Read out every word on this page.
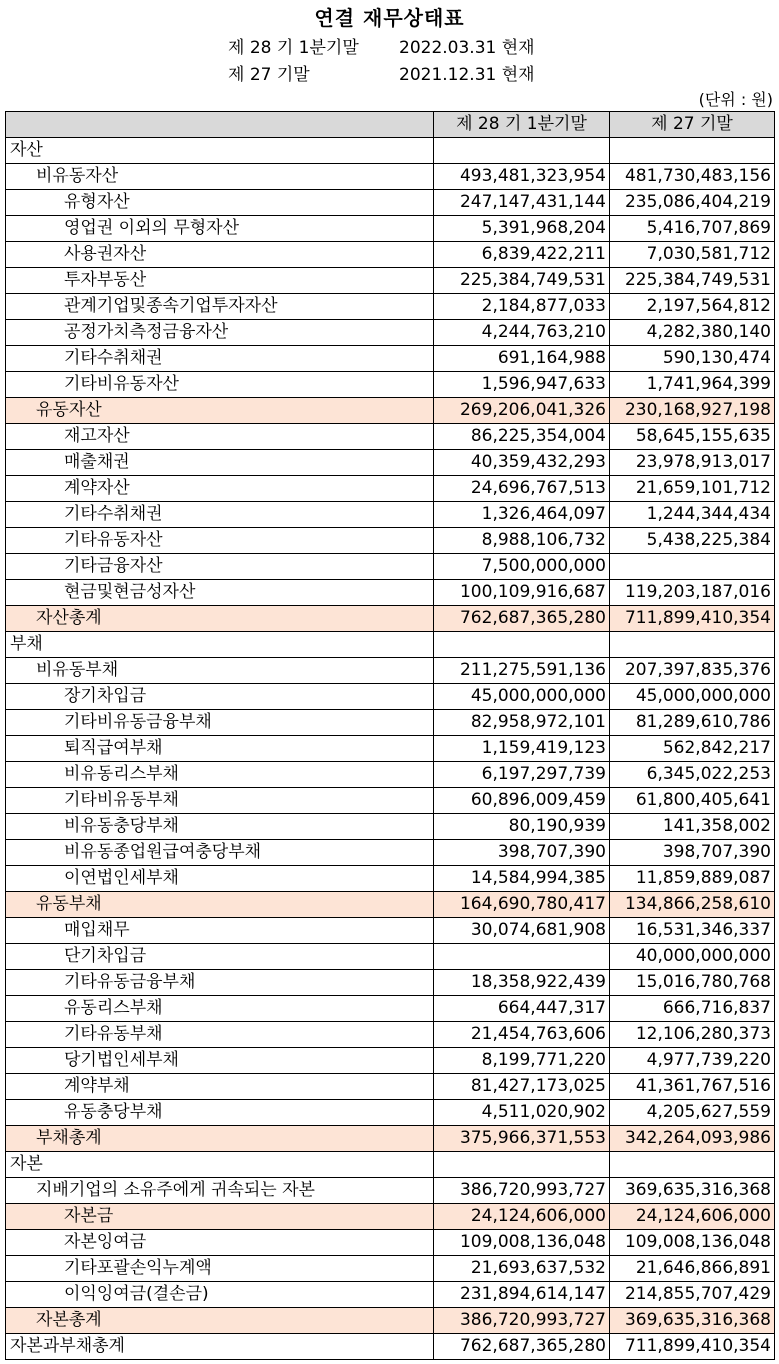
연결 재무상태표
제 28 기 1분기말 2022.03.31 현재
제 27 기말	2021.12.31 현재
(단위 : 원)
	제 28 기 1분기말	제 27 기말
자산		
비유동자산	493,481,323,954	481,730,483,156
유형자산	247,147,431,144	235,086,404,219
영업권 이외의 무형자산	5,391,968,204	5,416,707,869
사용권자산	6,839,422,211	7,030,581,712
투자부동산	225,384,749,531	225,384,749,531
관계기업및종속기업투자자산	2,184,877,033	2,197,564,812
공정가치측정금융자산	4,244,763,210	4,282,380,140
기타수취채권	691,164,988	590,130,474
기타비유동자산	1,596,947,633	1,741,964,399
유동자산	269,206,041,326	230,168,927,198
재고자산	86,225,354,004	58,645,155,635
매출채권	40,359,432,293	23,978,913,017
계약자산	24,696,767,513	21,659,101,712
기타수취채권	1,326,464,097	1,244,344,434
기타유동자산	8,988,106,732	5,438,225,384
기타금융자산	7,500,000,000	
현금및현금성자산	100,109,916,687	119,203,187,016
자산총계	762,687,365,280	711,899,410,354
부채		
비유동부채	211,275,591,136	207,397,835,376
장기차입금	45,000,000,000	45,000,000,000
기타비유동금융부채	82,958,972,101	81,289,610,786
퇴직급여부채	1,159,419,123	562,842,217
비유동리스부채	6,197,297,739	6,345,022,253
기타비유동부채	60,896,009,459	61,800,405,641
비유동충당부채	80,190,939	141,358,002
비유동종업원급여충당부채	398,707,390	398,707,390
이연법인세부채	14,584,994,385	11,859,889,087
유동부채	164,690,780,417	134,866,258,610
매입채무	30,074,681,908	16,531,346,337
단기차입금		40,000,000,000
기타유동금융부채	18,358,922,439	15,016,780,768
유동리스부채	664,447,317	666,716,837
기타유동부채	21,454,763,606	12,106,280,373
당기법인세부채	8,199,771,220	4,977,739,220
계약부채	81,427,173,025	41,361,767,516
유동충당부채	4,511,020,902	4,205,627,559
부채총계	375,966,371,553	342,264,093,986
자본		
지배기업의 소유주에게 귀속되는 자본	386,720,993,727	369,635,316,368
자본금	24,124,606,000	24,124,606,000
자본잉여금	109,008,136,048	109,008,136,048
기타포괄손익누계액	21,693,637,532	21,646,866,891
이익잉여금(결손금)	231,894,614,147	214,855,707,429
자본총계	386,720,993,727	369,635,316,368
자본과부채총계	762,687,365,280	711,899,410,354
